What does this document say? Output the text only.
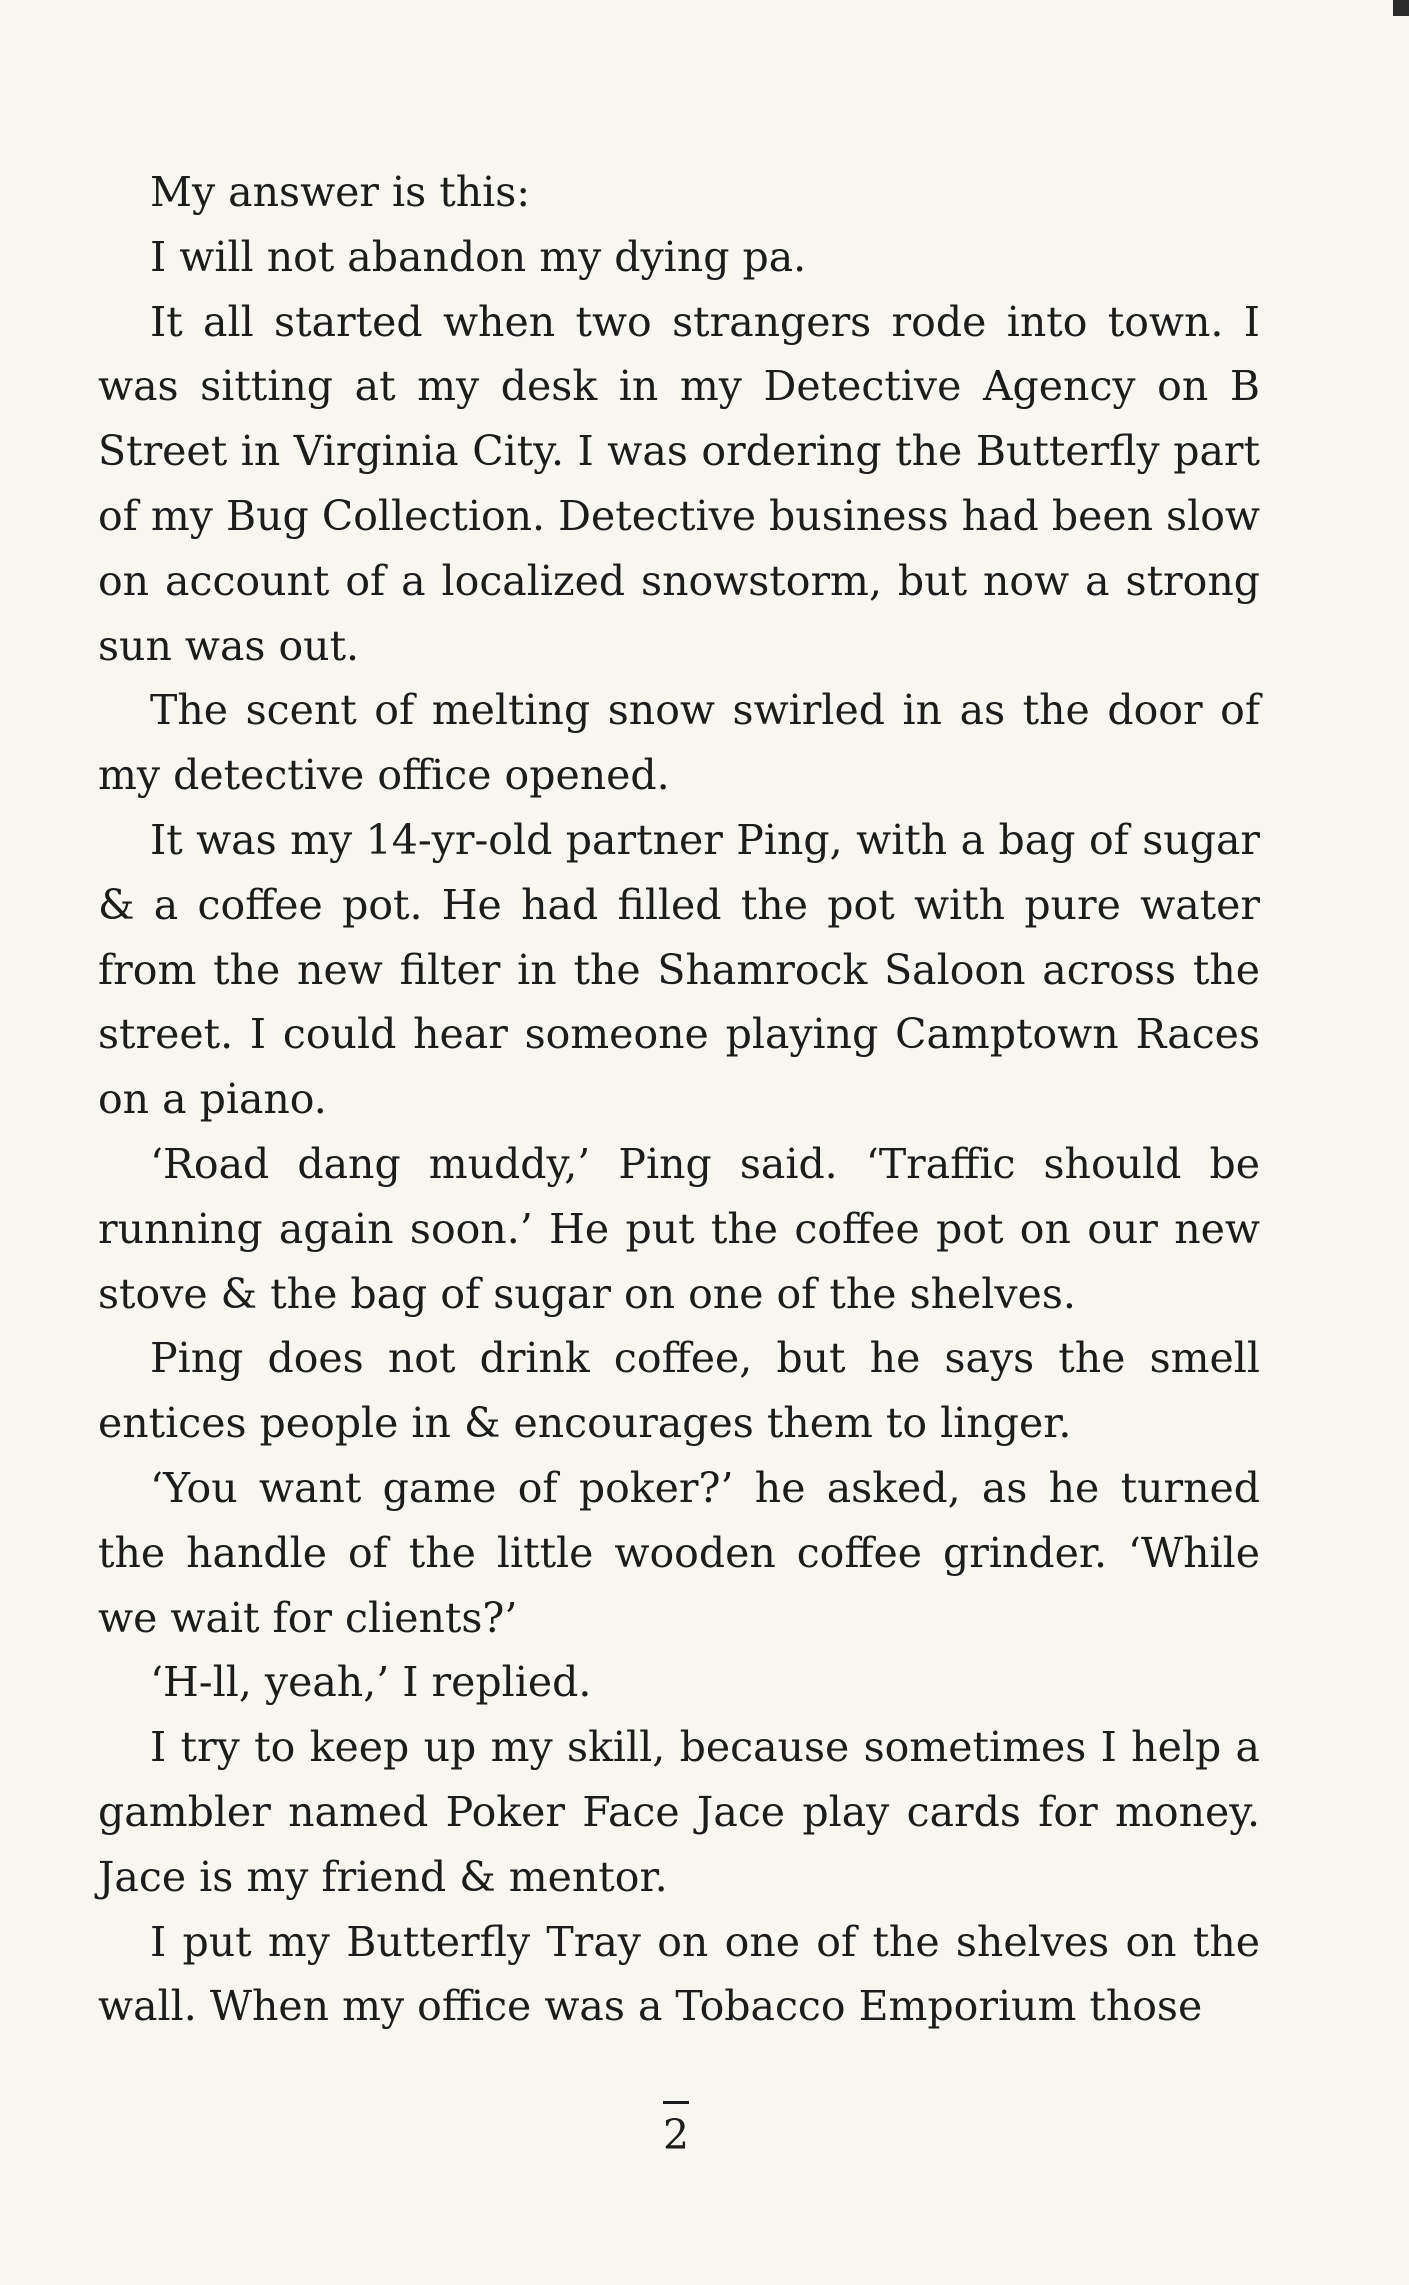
My answer is this:

I will not abandon my dying pa.

It all started when two strangers rode into town. I was sitting at my desk in my Detective Agency on B Street in Virginia City. I was ordering the Butterfly part of my Bug Collection. Detective business had been slow on account of a localized snowstorm, but now a strong sun was out.

The scent of melting snow swirled in as the door of my detective office opened.

It was my 14-yr-old partner Ping, with a bag of sugar & a coffee pot. He had filled the pot with pure water from the new filter in the Shamrock Saloon across the street. I could hear someone playing Camptown Races on a piano.

‘Road dang muddy,’ Ping said. ‘Traffic should be running again soon.’ He put the coffee pot on our new stove & the bag of sugar on one of the shelves.

Ping does not drink coffee, but he says the smell entices people in & encourages them to linger.

‘You want game of poker?’ he asked, as he turned the handle of the little wooden coffee grinder. ‘While we wait for clients?’

‘H-ll, yeah,’ I replied.

I try to keep up my skill, because sometimes I help a gambler named Poker Face Jace play cards for money. Jace is my friend & mentor.

I put my Butterfly Tray on one of the shelves on the wall. When my office was a Tobacco Emporium those

2
